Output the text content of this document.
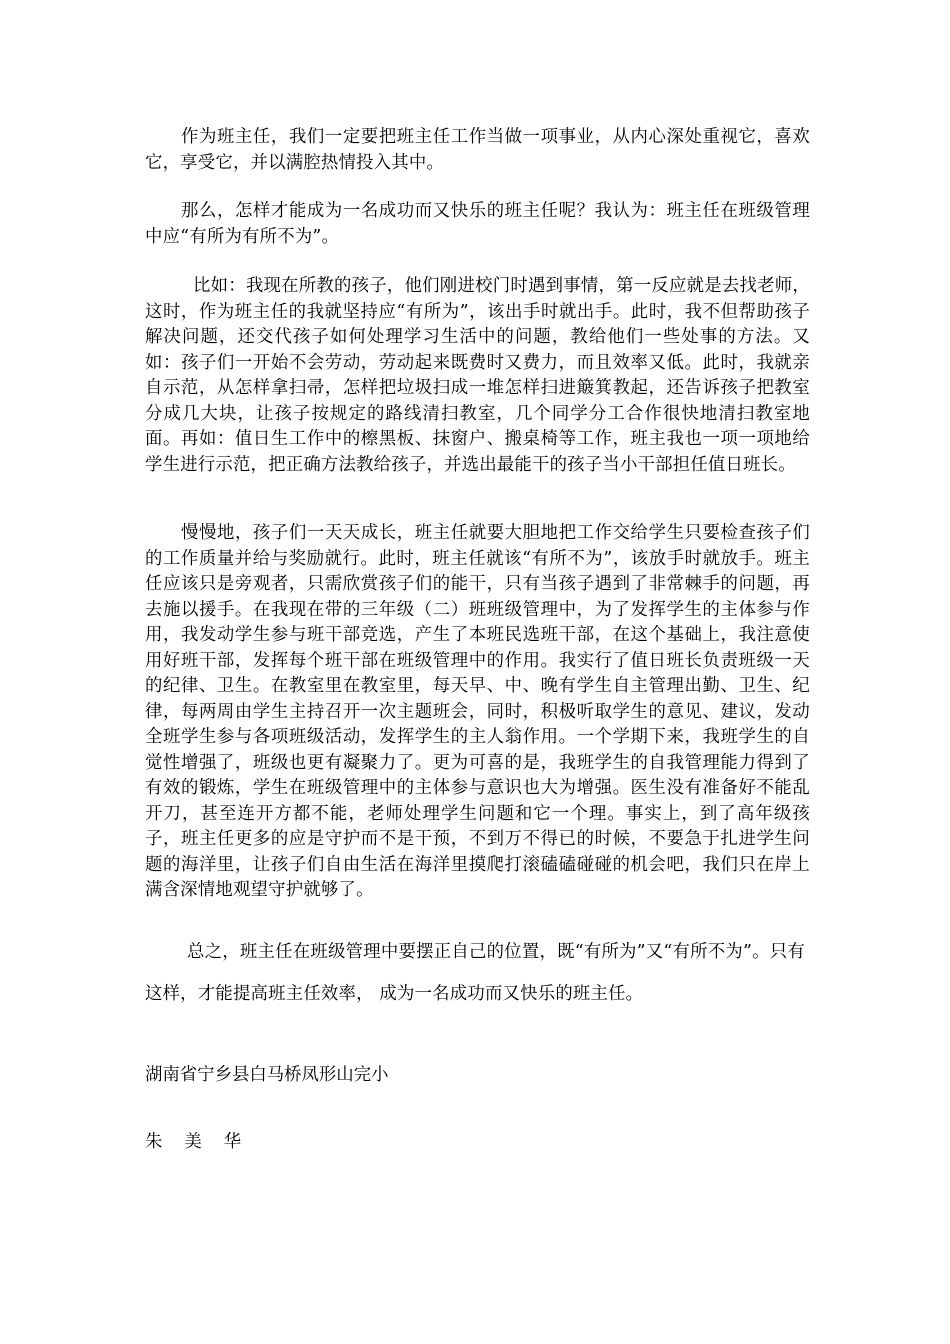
作为班主任，我们一定要把班主任工作当做一项事业，从内心深处重视它，喜欢它，享受它，并以满腔热情投入其中。

那么，怎样才能成为一名成功而又快乐的班主任呢？我认为：班主任在班级管理中应“有所为有所不为”。

比如：我现在所教的孩子，他们刚进校门时遇到事情，第一反应就是去找老师，这时，作为班主任的我就坚持应“有所为”，该出手时就出手。此时，我不但帮助孩子解决问题，还交代孩子如何处理学习生活中的问题，教给他们一些处事的方法。又如：孩子们一开始不会劳动，劳动起来既费时又费力，而且效率又低。此时，我就亲自示范，从怎样拿扫帚，怎样把垃圾扫成一堆怎样扫进簸箕教起，还告诉孩子把教室分成几大块，让孩子按规定的路线清扫教室，几个同学分工合作很快地清扫教室地面。再如：值日生工作中的檫黑板、抹窗户、搬桌椅等工作，班主我也一项一项地给学生进行示范，把正确方法教给孩子，并选出最能干的孩子当小干部担任值日班长。

慢慢地，孩子们一天天成长，班主任就要大胆地把工作交给学生只要检查孩子们的工作质量并给与奖励就行。此时，班主任就该“有所不为”，该放手时就放手。班主任应该只是旁观者，只需欣赏孩子们的能干，只有当孩子遇到了非常棘手的问题，再去施以援手。在我现在带的三年级（二）班班级管理中，为了发挥学生的主体参与作用，我发动学生参与班干部竞选，产生了本班民选班干部，在这个基础上，我注意使用好班干部，发挥每个班干部在班级管理中的作用。我实行了值日班长负责班级一天的纪律、卫生。在教室里在教室里，每天早、中、晚有学生自主管理出勤、卫生、纪律，每两周由学生主持召开一次主题班会，同时，积极听取学生的意见、建议，发动全班学生参与各项班级活动，发挥学生的主人翁作用。一个学期下来，我班学生的自觉性增强了，班级也更有凝聚力了。更为可喜的是，我班学生的自我管理能力得到了有效的锻炼，学生在班级管理中的主体参与意识也大为增强。医生没有准备好不能乱开刀，甚至连开方都不能，老师处理学生问题和它一个理。事实上，到了高年级孩子，班主任更多的应是守护而不是干预，不到万不得已的时候，不要急于扎进学生问题的海洋里，让孩子们自由生活在海洋里摸爬打滚磕磕碰碰的机会吧，我们只在岸上满含深情地观望守护就够了。

总之，班主任在班级管理中要摆正自己的位置，既“有所为”又“有所不为”。只有这样，才能提高班主任效率， 成为一名成功而又快乐的班主任。

湖南省宁乡县白马桥凤形山完小

朱美华
